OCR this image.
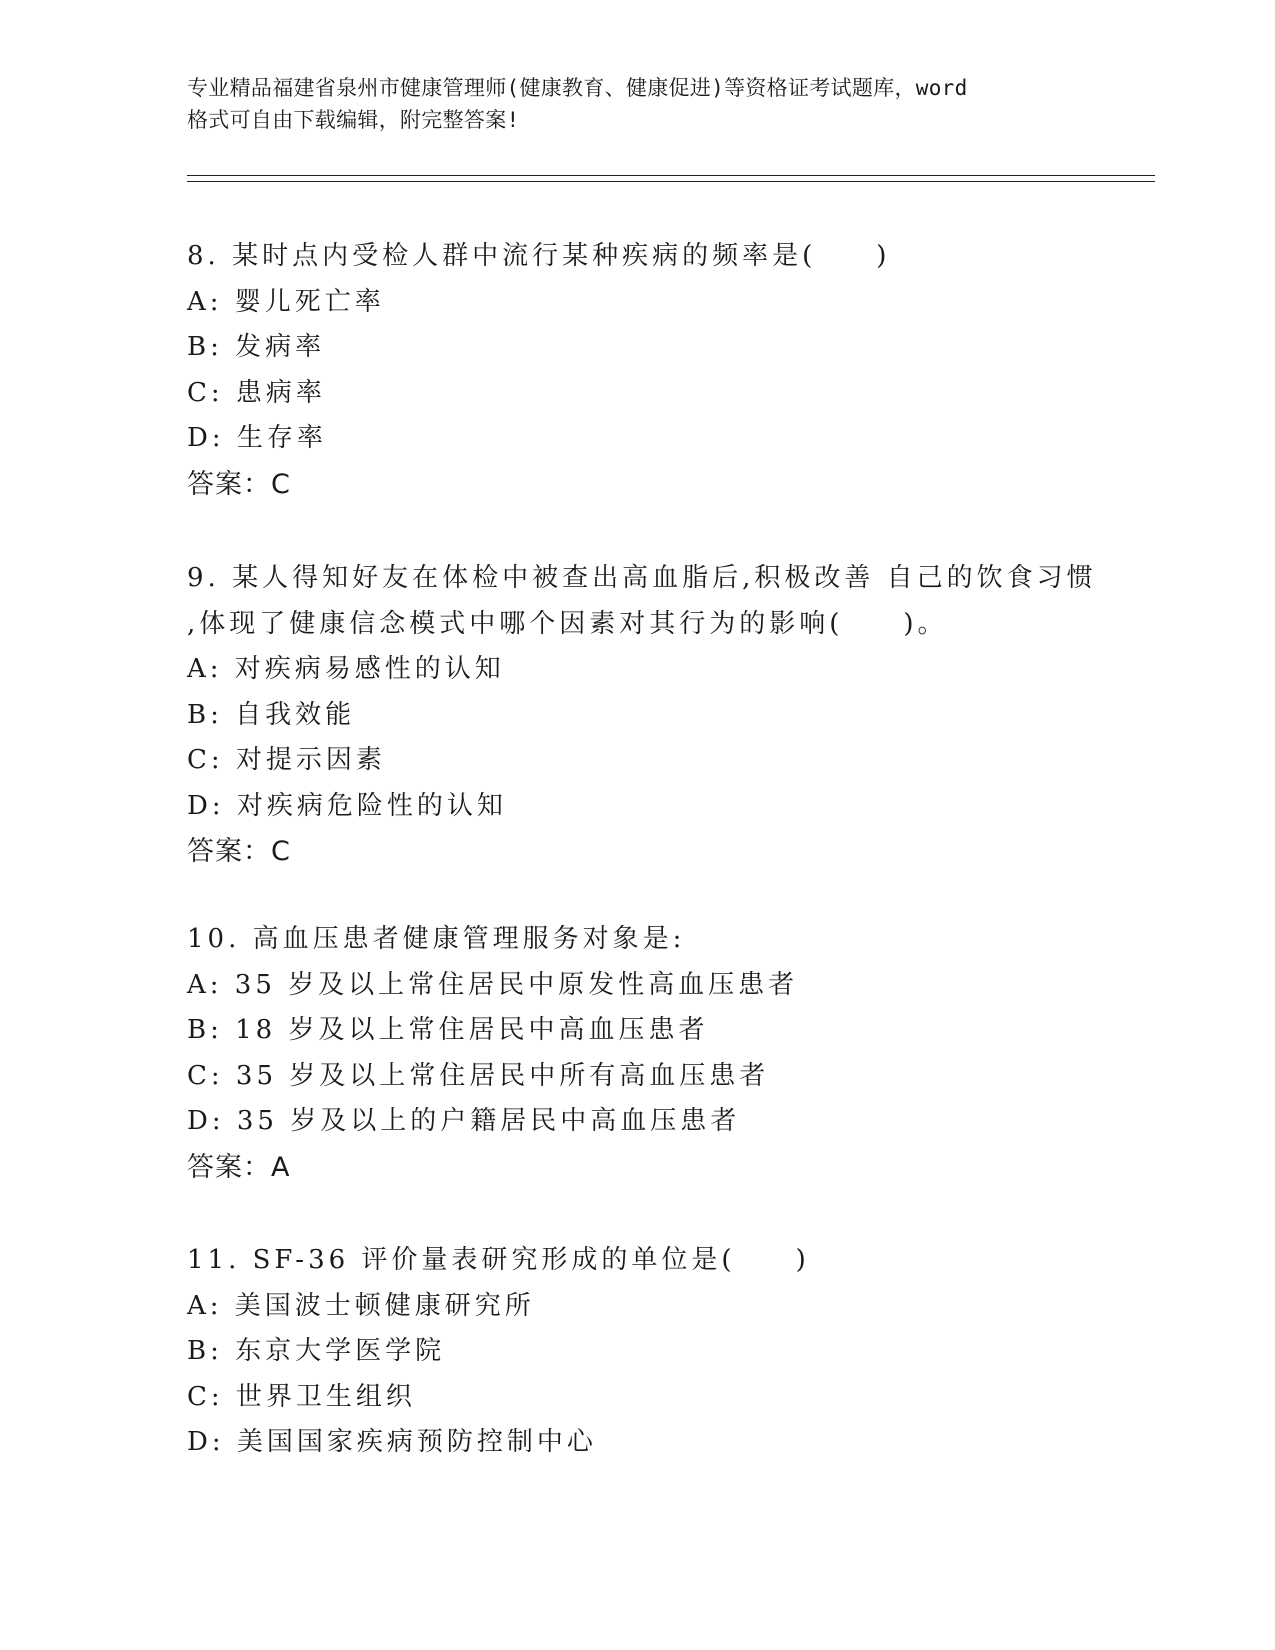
专业精品福建省泉州市健康管理师(健康教育、健康促进)等资格证考试题库，word
格式可自由下载编辑，附完整答案!
8. 某时点内受检人群中流行某种疾病的频率是(　　)
A: 婴儿死亡率
B: 发病率
C: 患病率
D: 生存率
答案：C
9. 某人得知好友在体检中被查出高血脂后,积极改善 自己的饮食习惯
,体现了健康信念模式中哪个因素对其行为的影响(　　)。
A: 对疾病易感性的认知
B: 自我效能
C: 对提示因素
D: 对疾病危险性的认知
答案：C
10. 高血压患者健康管理服务对象是:
A: 35 岁及以上常住居民中原发性高血压患者
B: 18 岁及以上常住居民中高血压患者
C: 35 岁及以上常住居民中所有高血压患者
D: 35 岁及以上的户籍居民中高血压患者
答案：A
11. SF-36 评价量表研究形成的单位是(　　)
A: 美国波士顿健康研究所
B: 东京大学医学院
C: 世界卫生组织
D: 美国国家疾病预防控制中心
